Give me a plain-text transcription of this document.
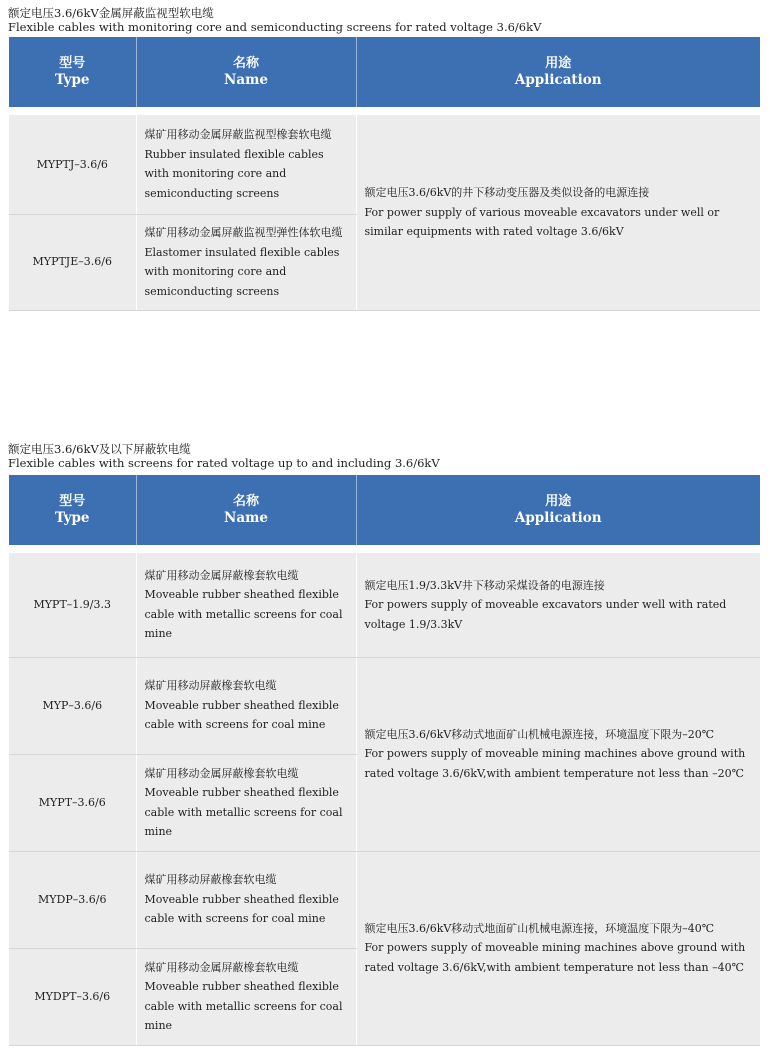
额定电压3.6/6kV金属屏蔽监视型软电缆
Flexible cables with monitoring core and semiconducting screens for rated voltage 3.6/6kV
型号
Type	名称
Name	用途
Application

MYPTJ–3.6/6	煤矿用移动金属屏蔽监视型橡套软电缆
Rubber insulated flexible cables with monitoring core and semiconducting screens	额定电压3.6/6kV的井下移动变压器及类似设备的电源连接
For power supply of various moveable excavators under well or similar equipments with rated voltage 3.6/6kV

MYPTJE–3.6/6	煤矿用移动金属屏蔽监视型弹性体软电缆
Elastomer insulated flexible cables with monitoring core and semiconducting screens	
额定电压3.6/6kV及以下屏蔽软电缆
Flexible cables with screens for rated voltage up to and including 3.6/6kV
型号
Type	名称
Name	用途
Application

MYPT–1.9/3.3	煤矿用移动金属屏蔽橡套软电缆
Moveable rubber sheathed flexible cable with metallic screens for coal mine	额定电压1.9/3.3kV井下移动采煤设备的电源连接
For powers supply of moveable excavators under well with rated voltage 1.9/3.3kV

MYP–3.6/6	煤矿用移动屏蔽橡套软电缆
Moveable rubber sheathed flexible cable with screens for coal mine	额定电压3.6/6kV移动式地面矿山机械电源连接，环境温度下限为–20℃
For powers supply of moveable mining machines above ground with rated voltage 3.6/6kV,with ambient temperature not less than –20℃

MYPT–3.6/6	煤矿用移动金属屏蔽橡套软电缆
Moveable rubber sheathed flexible cable with metallic screens for coal mine	

MYDP–3.6/6	煤矿用移动屏蔽橡套软电缆
Moveable rubber sheathed flexible cable with screens for coal mine	额定电压3.6/6kV移动式地面矿山机械电源连接，环境温度下限为–40℃
For powers supply of moveable mining machines above ground with rated voltage 3.6/6kV,with ambient temperature not less than –40℃

MYDPT–3.6/6	煤矿用移动金属屏蔽橡套软电缆
Moveable rubber sheathed flexible cable with metallic screens for coal mine	
